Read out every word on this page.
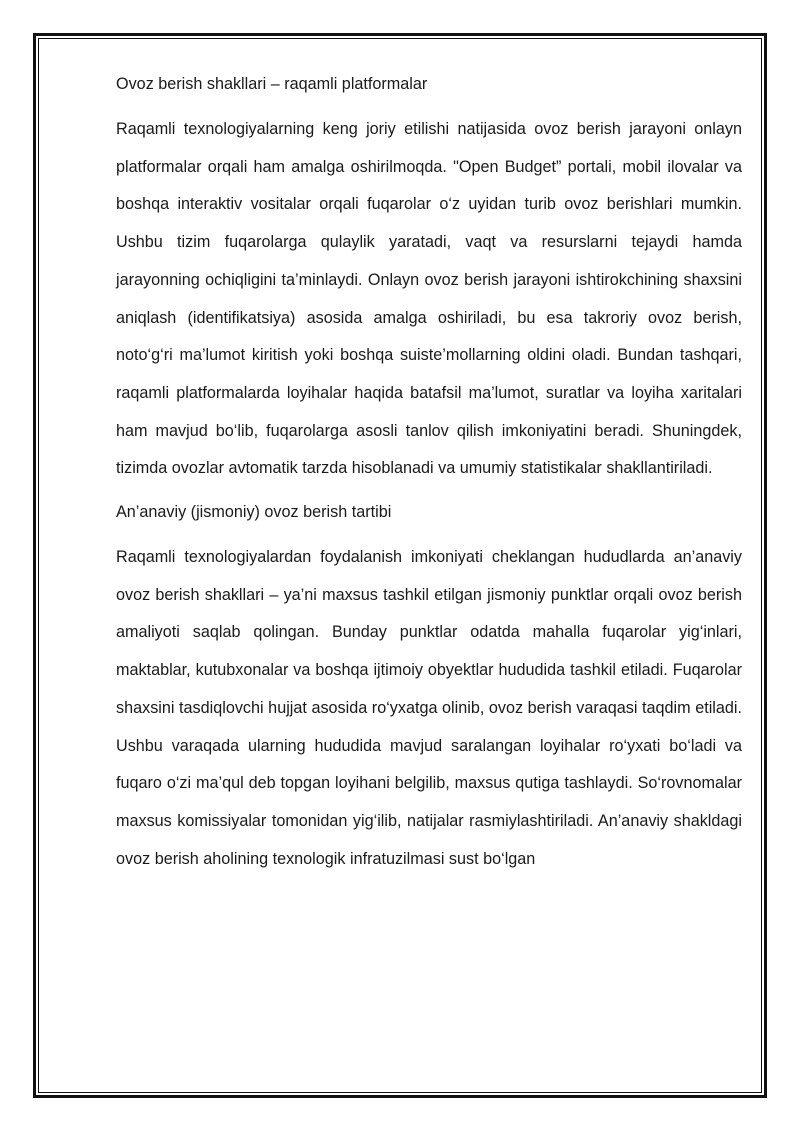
Ovoz berish shakllari – raqamli platformalar

Raqamli texnologiyalarning keng joriy etilishi natijasida ovoz berish jarayoni onlayn platformalar orqali ham amalga oshirilmoqda. "Open Budget” portali, mobil ilovalar va boshqa interaktiv vositalar orqali fuqarolar o‘z uyidan turib ovoz berishlari mumkin. Ushbu tizim fuqarolarga qulaylik yaratadi, vaqt va resurslarni tejaydi hamda jarayonning ochiqligini ta’minlaydi. Onlayn ovoz berish jarayoni ishtirokchining shaxsini aniqlash (identifikatsiya) asosida amalga oshiriladi, bu esa takroriy ovoz berish, noto‘g‘ri ma’lumot kiritish yoki boshqa suiste’mollarning oldini oladi. Bundan tashqari, raqamli platformalarda loyihalar haqida batafsil ma’lumot, suratlar va loyiha xaritalari ham mavjud bo‘lib, fuqarolarga asosli tanlov qilish imkoniyatini beradi. Shuningdek, tizimda ovozlar avtomatik tarzda hisoblanadi va umumiy statistikalar shakllantiriladi.

An’anaviy (jismoniy) ovoz berish tartibi

Raqamli texnologiyalardan foydalanish imkoniyati cheklangan hududlarda an’anaviy ovoz berish shakllari – ya’ni maxsus tashkil etilgan jismoniy punktlar orqali ovoz berish amaliyoti saqlab qolingan. Bunday punktlar odatda mahalla fuqarolar yig‘inlari, maktablar, kutubxonalar va boshqa ijtimoiy obyektlar hududida tashkil etiladi. Fuqarolar shaxsini tasdiqlovchi hujjat asosida ro‘yxatga olinib, ovoz berish varaqasi taqdim etiladi. Ushbu varaqada ularning hududida mavjud saralangan loyihalar ro‘yxati bo‘ladi va fuqaro o‘zi ma’qul deb topgan loyihani belgilib, maxsus qutiga tashlaydi. So‘rovnomalar maxsus komissiyalar tomonidan yig‘ilib, natijalar rasmiylashtiriladi. An’anaviy shakldagi ovoz berish aholining texnologik infratuzilmasi sust bo‘lgan
